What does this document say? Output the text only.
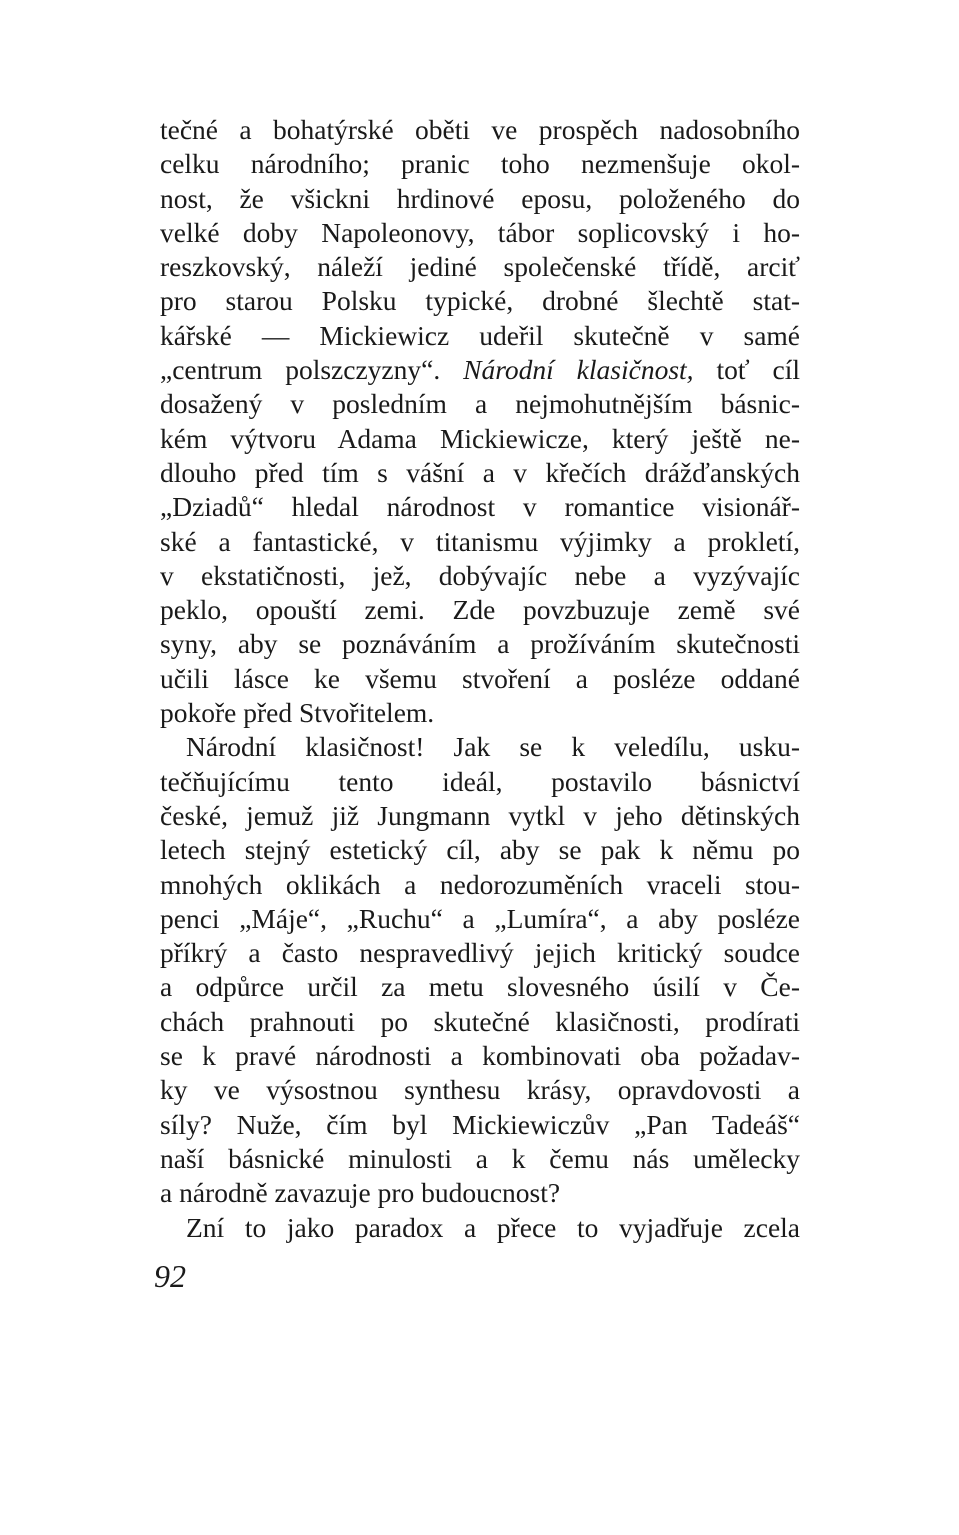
tečné a bohatýrské oběti ve prospěch nadosobního
celku národního; pranic toho nezmenšuje okol-
nost, že všickni hrdinové eposu, položeného do
velké doby Napoleonovy, tábor soplicovský i ho-
reszkovský, náleží jediné společenské třídě, arciť
pro starou Polsku typické, drobné šlechtě stat-
kářské — Mickiewicz udeřil skutečně v samé
„centrum polszczyzny“. Národní klasičnost, toť cíl
dosažený v posledním a nejmohutnějším básnic-
kém výtvoru Adama Mickiewicze, který ještě ne-
dlouho před tím s vášní a v křečích drážďanských
„Dziadů“ hledal národnost v romantice visionář-
ské a fantastické, v titanismu výjimky a prokletí,
v ekstatičnosti, jež, dobývajíc nebe a vyzývajíc
peklo, opouští zemi. Zde povzbuzuje země své
syny, aby se poznáváním a prožíváním skutečnosti
učili lásce ke všemu stvoření a posléze oddané
pokoře před Stvořitelem.
Národní klasičnost! Jak se k veledílu, usku-
tečňujícímu tento ideál, postavilo básnictví
české, jemuž již Jungmann vytkl v jeho dětinských
letech stejný estetický cíl, aby se pak k němu po
mnohých oklikách a nedorozuměních vraceli stou-
penci „Máje“, „Ruchu“ a „Lumíra“, a aby posléze
příkrý a často nespravedlivý jejich kritický soudce
a odpůrce určil za metu slovesného úsilí v Če-
chách prahnouti po skutečné klasičnosti, prodírati
se k pravé národnosti a kombinovati oba požadav-
ky ve výsostnou synthesu krásy, opravdovosti a
síly? Nuže, čím byl Mickiewiczův „Pan Tadeáš“
naší básnické minulosti a k čemu nás umělecky
a národně zavazuje pro budoucnost?
Zní to jako paradox a přece to vyjadřuje zcela
92
